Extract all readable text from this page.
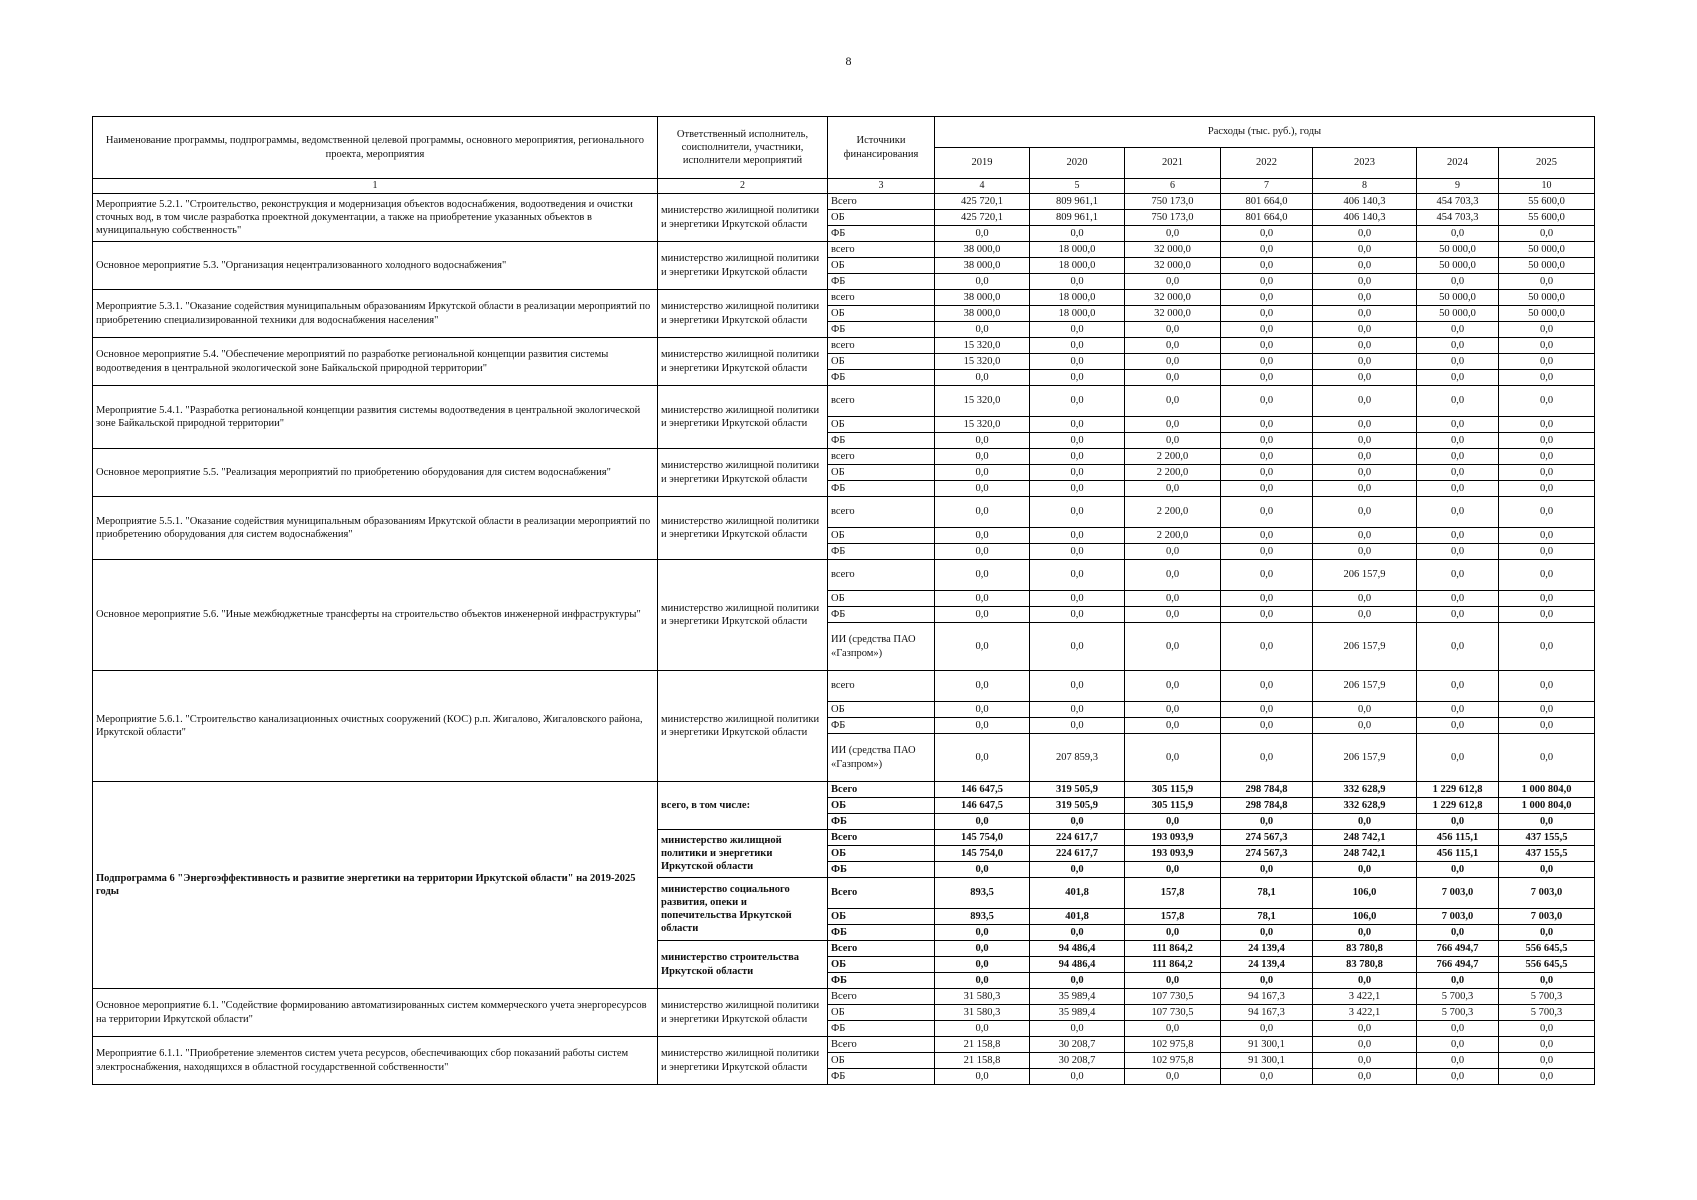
8
Наименование программы, подпрограммы, ведомственной целевой программы, основного мероприятия, регионального проекта, мероприятия	Ответственный исполнитель, соисполнители, участники, исполнители мероприятий	Источники финансирования	Расходы (тыс. руб.), годы						
			2019	2020	2021	2022	2023	2024	2025
1	2	3	4	5	6	7	8	9	10
Мероприятие 5.2.1. "Строительство, реконструкция и модернизация объектов водоснабжения, водоотведения и очистки сточных вод, в том числе разработка проектной документации, а также на приобретение указанных объектов в муниципальную собственность"	министерство жилищной политики и энергетики Иркутской области	Всего	425 720,1	809 961,1	750 173,0	801 664,0	406 140,3	454 703,3	55 600,0
		ОБ	425 720,1	809 961,1	750 173,0	801 664,0	406 140,3	454 703,3	55 600,0
		ФБ	0,0	0,0	0,0	0,0	0,0	0,0	0,0
Основное мероприятие 5.3. "Организация нецентрализованного холодного водоснабжения"	министерство жилищной политики и энергетики Иркутской области	всего	38 000,0	18 000,0	32 000,0	0,0	0,0	50 000,0	50 000,0
		ОБ	38 000,0	18 000,0	32 000,0	0,0	0,0	50 000,0	50 000,0
		ФБ	0,0	0,0	0,0	0,0	0,0	0,0	0,0
Мероприятие 5.3.1. "Оказание содействия муниципальным образованиям Иркутской области в реализации мероприятий по приобретению специализированной техники для водоснабжения населения"	министерство жилищной политики и энергетики Иркутской области	всего	38 000,0	18 000,0	32 000,0	0,0	0,0	50 000,0	50 000,0
		ОБ	38 000,0	18 000,0	32 000,0	0,0	0,0	50 000,0	50 000,0
		ФБ	0,0	0,0	0,0	0,0	0,0	0,0	0,0
Основное мероприятие 5.4. "Обеспечение мероприятий по разработке региональной концепции развития системы водоотведения в центральной экологической зоне Байкальской природной территории"	министерство жилищной политики и энергетики Иркутской области	всего	15 320,0	0,0	0,0	0,0	0,0	0,0	0,0
		ОБ	15 320,0	0,0	0,0	0,0	0,0	0,0	0,0
		ФБ	0,0	0,0	0,0	0,0	0,0	0,0	0,0
Мероприятие 5.4.1. "Разработка региональной концепции развития системы водоотведения в центральной экологической зоне Байкальской природной территории"	министерство жилищной политики и энергетики Иркутской области	всего	15 320,0	0,0	0,0	0,0	0,0	0,0	0,0
		ОБ	15 320,0	0,0	0,0	0,0	0,0	0,0	0,0
		ФБ	0,0	0,0	0,0	0,0	0,0	0,0	0,0
Основное мероприятие 5.5. "Реализация мероприятий по приобретению оборудования для систем водоснабжения"	министерство жилищной политики и энергетики Иркутской области	всего	0,0	0,0	2 200,0	0,0	0,0	0,0	0,0
		ОБ	0,0	0,0	2 200,0	0,0	0,0	0,0	0,0
		ФБ	0,0	0,0	0,0	0,0	0,0	0,0	0,0
Мероприятие 5.5.1. "Оказание содействия муниципальным образованиям Иркутской области в реализации мероприятий по приобретению оборудования для систем водоснабжения"	министерство жилищной политики и энергетики Иркутской области	всего	0,0	0,0	2 200,0	0,0	0,0	0,0	0,0
		ОБ	0,0	0,0	2 200,0	0,0	0,0	0,0	0,0
		ФБ	0,0	0,0	0,0	0,0	0,0	0,0	0,0
Основное мероприятие 5.6. "Иные межбюджетные трансферты на строительство объектов инженерной инфраструктуры"	министерство жилищной политики и энергетики Иркутской области	всего	0,0	0,0	0,0	0,0	206 157,9	0,0	0,0
		ОБ	0,0	0,0	0,0	0,0	0,0	0,0	0,0
		ФБ	0,0	0,0	0,0	0,0	0,0	0,0	0,0
		ИИ (средства ПАО «Газпром»)	0,0	0,0	0,0	0,0	206 157,9	0,0	0,0
Мероприятие 5.6.1. "Строительство канализационных очистных сооружений (КОС) р.п. Жигалово, Жигаловского района, Иркутской области"	министерство жилищной политики и энергетики Иркутской области	всего	0,0	0,0	0,0	0,0	206 157,9	0,0	0,0
		ОБ	0,0	0,0	0,0	0,0	0,0	0,0	0,0
		ФБ	0,0	0,0	0,0	0,0	0,0	0,0	0,0
		ИИ (средства ПАО «Газпром»)	0,0	207 859,3	0,0	0,0	206 157,9	0,0	0,0
Подпрограмма 6 "Энергоэффективность и развитие энергетики на территории Иркутской области" на 2019-2025 годы	всего, в том числе:	Всего	146 647,5	319 505,9	305 115,9	298 784,8	332 628,9	1 229 612,8	1 000 804,0
		ОБ	146 647,5	319 505,9	305 115,9	298 784,8	332 628,9	1 229 612,8	1 000 804,0
		ФБ	0,0	0,0	0,0	0,0	0,0	0,0	0,0
	министерство жилищной политики и энергетики Иркутской области	Всего	145 754,0	224 617,7	193 093,9	274 567,3	248 742,1	456 115,1	437 155,5
		ОБ	145 754,0	224 617,7	193 093,9	274 567,3	248 742,1	456 115,1	437 155,5
		ФБ	0,0	0,0	0,0	0,0	0,0	0,0	0,0
	министерство социального развития, опеки и попечительства Иркутской области	Всего	893,5	401,8	157,8	78,1	106,0	7 003,0	7 003,0

		ОБ	893,5	401,8	157,8	78,1	106,0	7 003,0	7 003,0
		ФБ	0,0	0,0	0,0	0,0	0,0	0,0	0,0
	министерство строительства Иркутской области	Всего	0,0	94 486,4	111 864,2	24 139,4	83 780,8	766 494,7	556 645,5
		ОБ	0,0	94 486,4	111 864,2	24 139,4	83 780,8	766 494,7	556 645,5
		ФБ	0,0	0,0	0,0	0,0	0,0	0,0	0,0
Основное мероприятие 6.1. "Содействие формированию автоматизированных систем коммерческого учета энергоресурсов на территории Иркутской области"	министерство жилищной политики и энергетики Иркутской области	Всего	31 580,3	35 989,4	107 730,5	94 167,3	3 422,1	5 700,3	5 700,3
		ОБ	31 580,3	35 989,4	107 730,5	94 167,3	3 422,1	5 700,3	5 700,3
		ФБ	0,0	0,0	0,0	0,0	0,0	0,0	0,0
Мероприятие 6.1.1. "Приобретение элементов систем учета ресурсов, обеспечивающих сбор показаний работы систем электроснабжения, находящихся в областной государственной собственности"	министерство жилищной политики и энергетики Иркутской области	Всего	21 158,8	30 208,7	102 975,8	91 300,1	0,0	0,0	0,0
		ОБ	21 158,8	30 208,7	102 975,8	91 300,1	0,0	0,0	0,0
		ФБ	0,0	0,0	0,0	0,0	0,0	0,0	0,0
